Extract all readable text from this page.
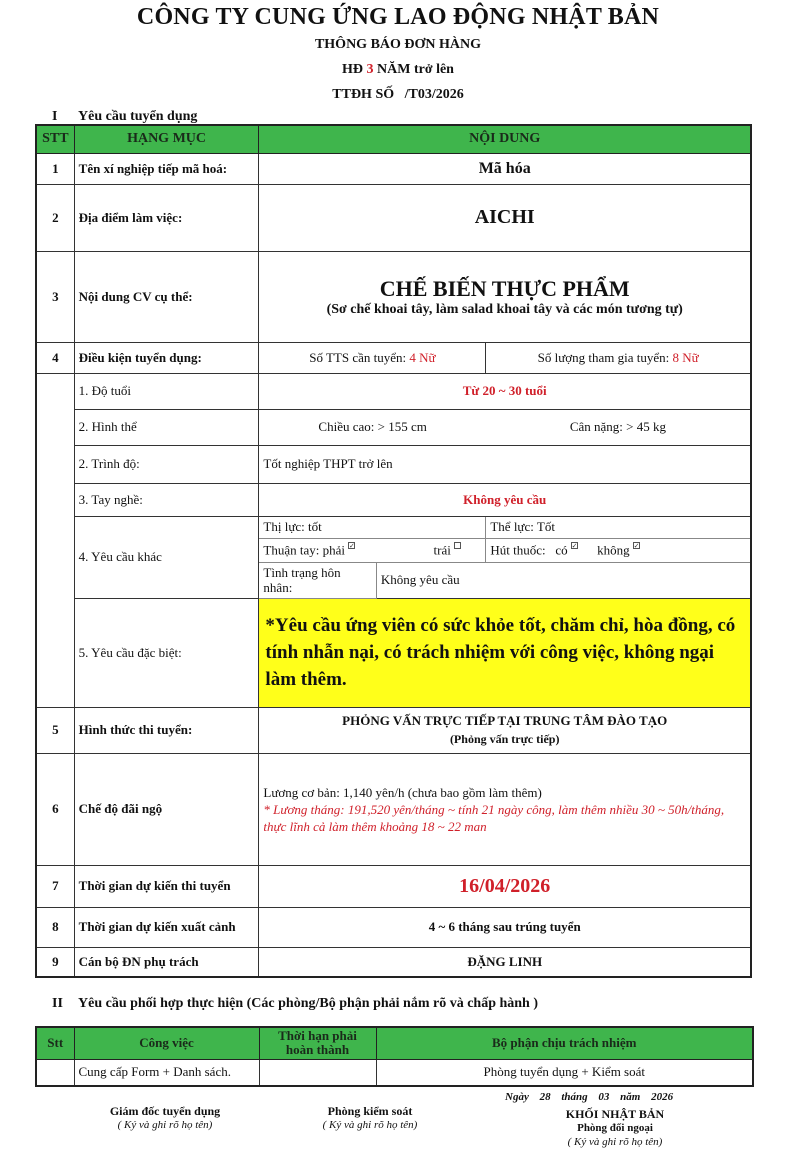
CÔNG TY CUNG ỨNG LAO ĐỘNG NHẬT BẢN
THÔNG BÁO ĐƠN HÀNG
HĐ 3 NĂM trở lên
TTĐH SỐ   /T03/2026
I Yêu cầu tuyển dụng
STT	HẠNG MỤC	NỘI DUNG		
1	Tên xí nghiệp tiếp mã hoá:	Mã hóa		
2	Địa điểm làm việc:	AICHI		
3	Nội dung CV cụ thể:	CHẾ BIẾN THỰC PHẨM
(Sơ chế khoai tây, làm salad khoai tây và các món tương tự)		

4	Điều kiện tuyển dụng:	Số TTS cần tuyển: 4 Nữ		Số lượng tham gia tuyển: 8 Nữ
	1. Độ tuổi	Từ 20 ~ 30 tuổi		
	2. Hình thể	Chiều cao: > 155 cm		Cân nặng: > 45 kg
	2. Trình độ:	Tốt nghiệp THPT trở lên		
	3. Tay nghề:	Không yêu cầu		
	4. Yêu cầu khác	Thị lực: tốt		Thể lực: Tốt
		Thuận tay: phải ✓ trái		Hút thuốc: có ✓ không✓
		Tình trạng hôn nhân:	Không yêu cầu	
	5. Yêu cầu đặc biệt:	*Yêu cầu ứng viên có sức khỏe tốt, chăm chỉ, hòa đồng, có tính nhẫn nại, có trách nhiệm với công việc, không ngại làm thêm.		
5	Hình thức thi tuyển:	PHỎNG VẤN TRỰC TIẾP TẠI TRUNG TÂM ĐÀO TẠO
(Phỏng vấn trực tiếp)		

6	Chế độ đãi ngộ	Lương cơ bản: 1,140 yên/h (chưa bao gồm làm thêm)
* Lương tháng: 191,520 yên/tháng ~ tính 21 ngày công, làm thêm nhiều 30 ~ 50h/tháng, thực lĩnh cả làm thêm khoảng 18 ~ 22 man		

7	Thời gian dự kiến thi tuyển	16/04/2026		
8	Thời gian dự kiến xuất cảnh	4 ~ 6 tháng sau trúng tuyển		
9	Cán bộ ĐN phụ trách	ĐẶNG LINH		
II Yêu cầu phối hợp thực hiện (Các phòng/Bộ phận phải nắm rõ và chấp hành )
Stt	Công việc	Thời hạn phải hoàn thành	Bộ phận chịu trách nhiệm
	Cung cấp Form + Danh sách.		Phòng tuyển dụng + Kiểm soát
Ngày 28 tháng 03 năm 2026
Giám đốc tuyển dụng
( Ký và ghi rõ họ tên)
Phòng kiểm soát
( Ký và ghi rõ họ tên)
KHỐI NHẬT BẢN
Phòng đối ngoại
( Ký và ghi rõ họ tên)
